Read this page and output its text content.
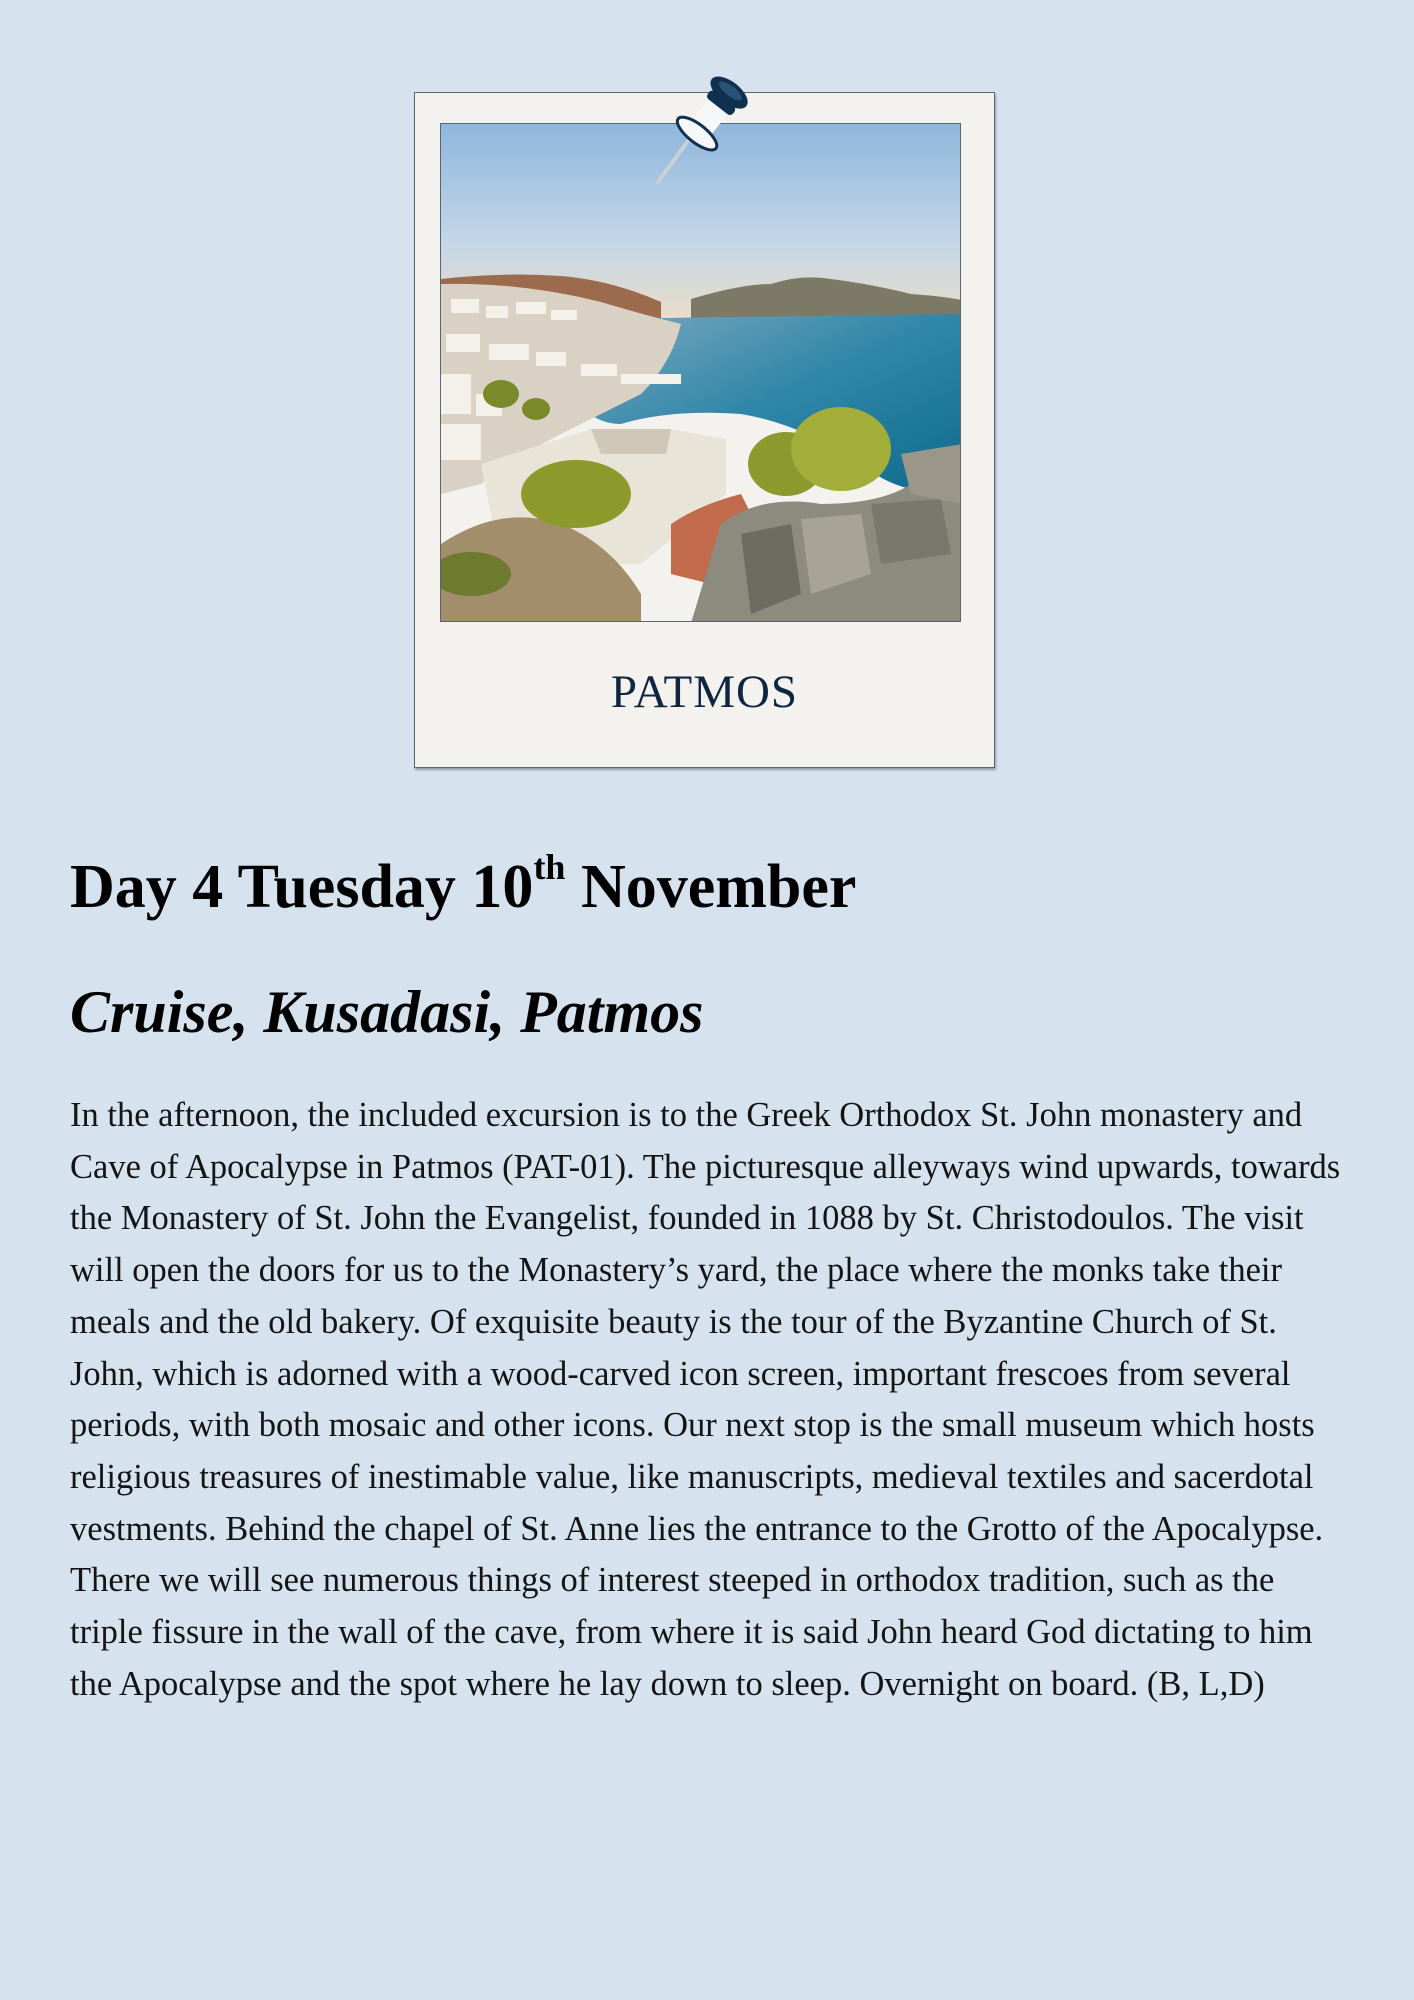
PATMOS
Day 4 Tuesday 10th November
Cruise, Kusadasi, Patmos

In the afternoon, the included excursion is to the Greek Orthodox St. John monastery and Cave of Apocalypse in Patmos (PAT-01). The picturesque alleyways wind upwards, towards the Monastery of St. John the Evangelist, founded in 1088 by St. Christodoulos. The visit will open the doors for us to the Monastery’s yard, the place where the monks take their meals and the old bakery. Of exquisite beauty is the tour of the Byzantine Church of St. John, which is adorned with a wood-carved icon screen, important frescoes from several periods, with both mosaic and other icons. Our next stop is the small museum which hosts religious treasures of inestimable value, like manuscripts, medieval textiles and sacerdotal vestments. Behind the chapel of St. Anne lies the entrance to the Grotto of the Apocalypse. There we will see numerous things of interest steeped in orthodox tradition, such as the triple fissure in the wall of the cave, from where it is said John heard God dictating to him the Apocalypse and the spot where he lay down to sleep. Overnight on board. (B, L,D)
